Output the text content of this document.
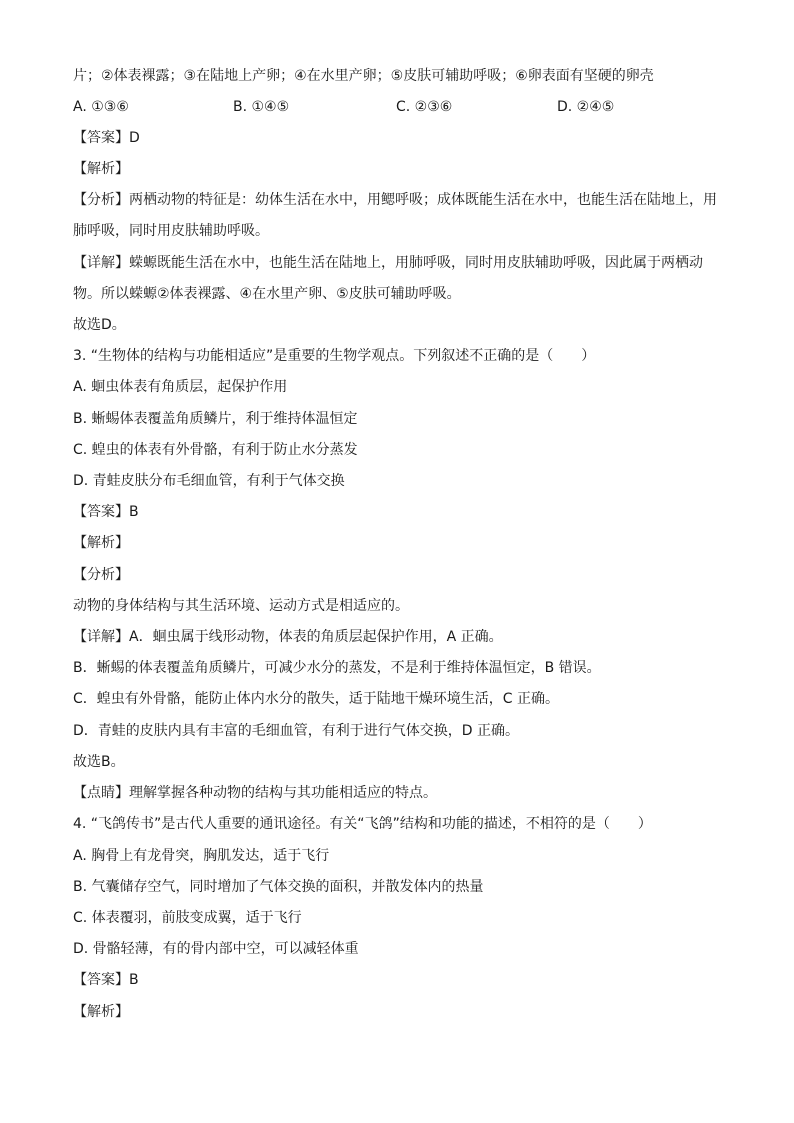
片；②体表裸露；③在陆地上产卵；④在水里产卵；⑤皮肤可辅助呼吸；⑥卵表面有坚硬的卵壳
A. ①③⑥	B. ①④⑤	C. ②③⑥	D. ②④⑤
【答案】D
【解析】
【分析】两栖动物的特征是：幼体生活在水中，用鳃呼吸；成体既能生活在水中，也能生活在陆地上，用
肺呼吸，同时用皮肤辅助呼吸。
【详解】蝾螈既能生活在水中，也能生活在陆地上，用肺呼吸，同时用皮肤辅助呼吸，因此属于两栖动
物。所以蝾螈②体表裸露、④在水里产卵、⑤皮肤可辅助呼吸。
故选D。
3. “生物体的结构与功能相适应”是重要的生物学观点。下列叙述不正确的是（　　）
A. 蛔虫体表有角质层，起保护作用
B. 蜥蜴体表覆盖角质鳞片，利于维持体温恒定
C. 蝗虫的体表有外骨骼，有利于防止水分蒸发
D. 青蛙皮肤分布毛细血管，有利于气体交换
【答案】B
【解析】
【分析】
动物的身体结构与其生活环境、运动方式是相适应的。
【详解】A．蛔虫属于线形动物，体表的角质层起保护作用，A 正确。
B．蜥蜴的体表覆盖角质鳞片，可减少水分的蒸发，不是利于维持体温恒定，B 错误。
C．蝗虫有外骨骼，能防止体内水分的散失，适于陆地干燥环境生活，C 正确。
D．青蛙的皮肤内具有丰富的毛细血管，有利于进行气体交换，D 正确。
故选B。
【点睛】理解掌握各种动物的结构与其功能相适应的特点。
4. “飞鸽传书”是古代人重要的通讯途径。有关“飞鸽”结构和功能的描述，不相符的是（　　）
A. 胸骨上有龙骨突，胸肌发达，适于飞行
B. 气囊储存空气，同时增加了气体交换的面积，并散发体内的热量
C. 体表覆羽，前肢变成翼，适于飞行
D. 骨骼轻薄，有的骨内部中空，可以减轻体重
【答案】B
【解析】
